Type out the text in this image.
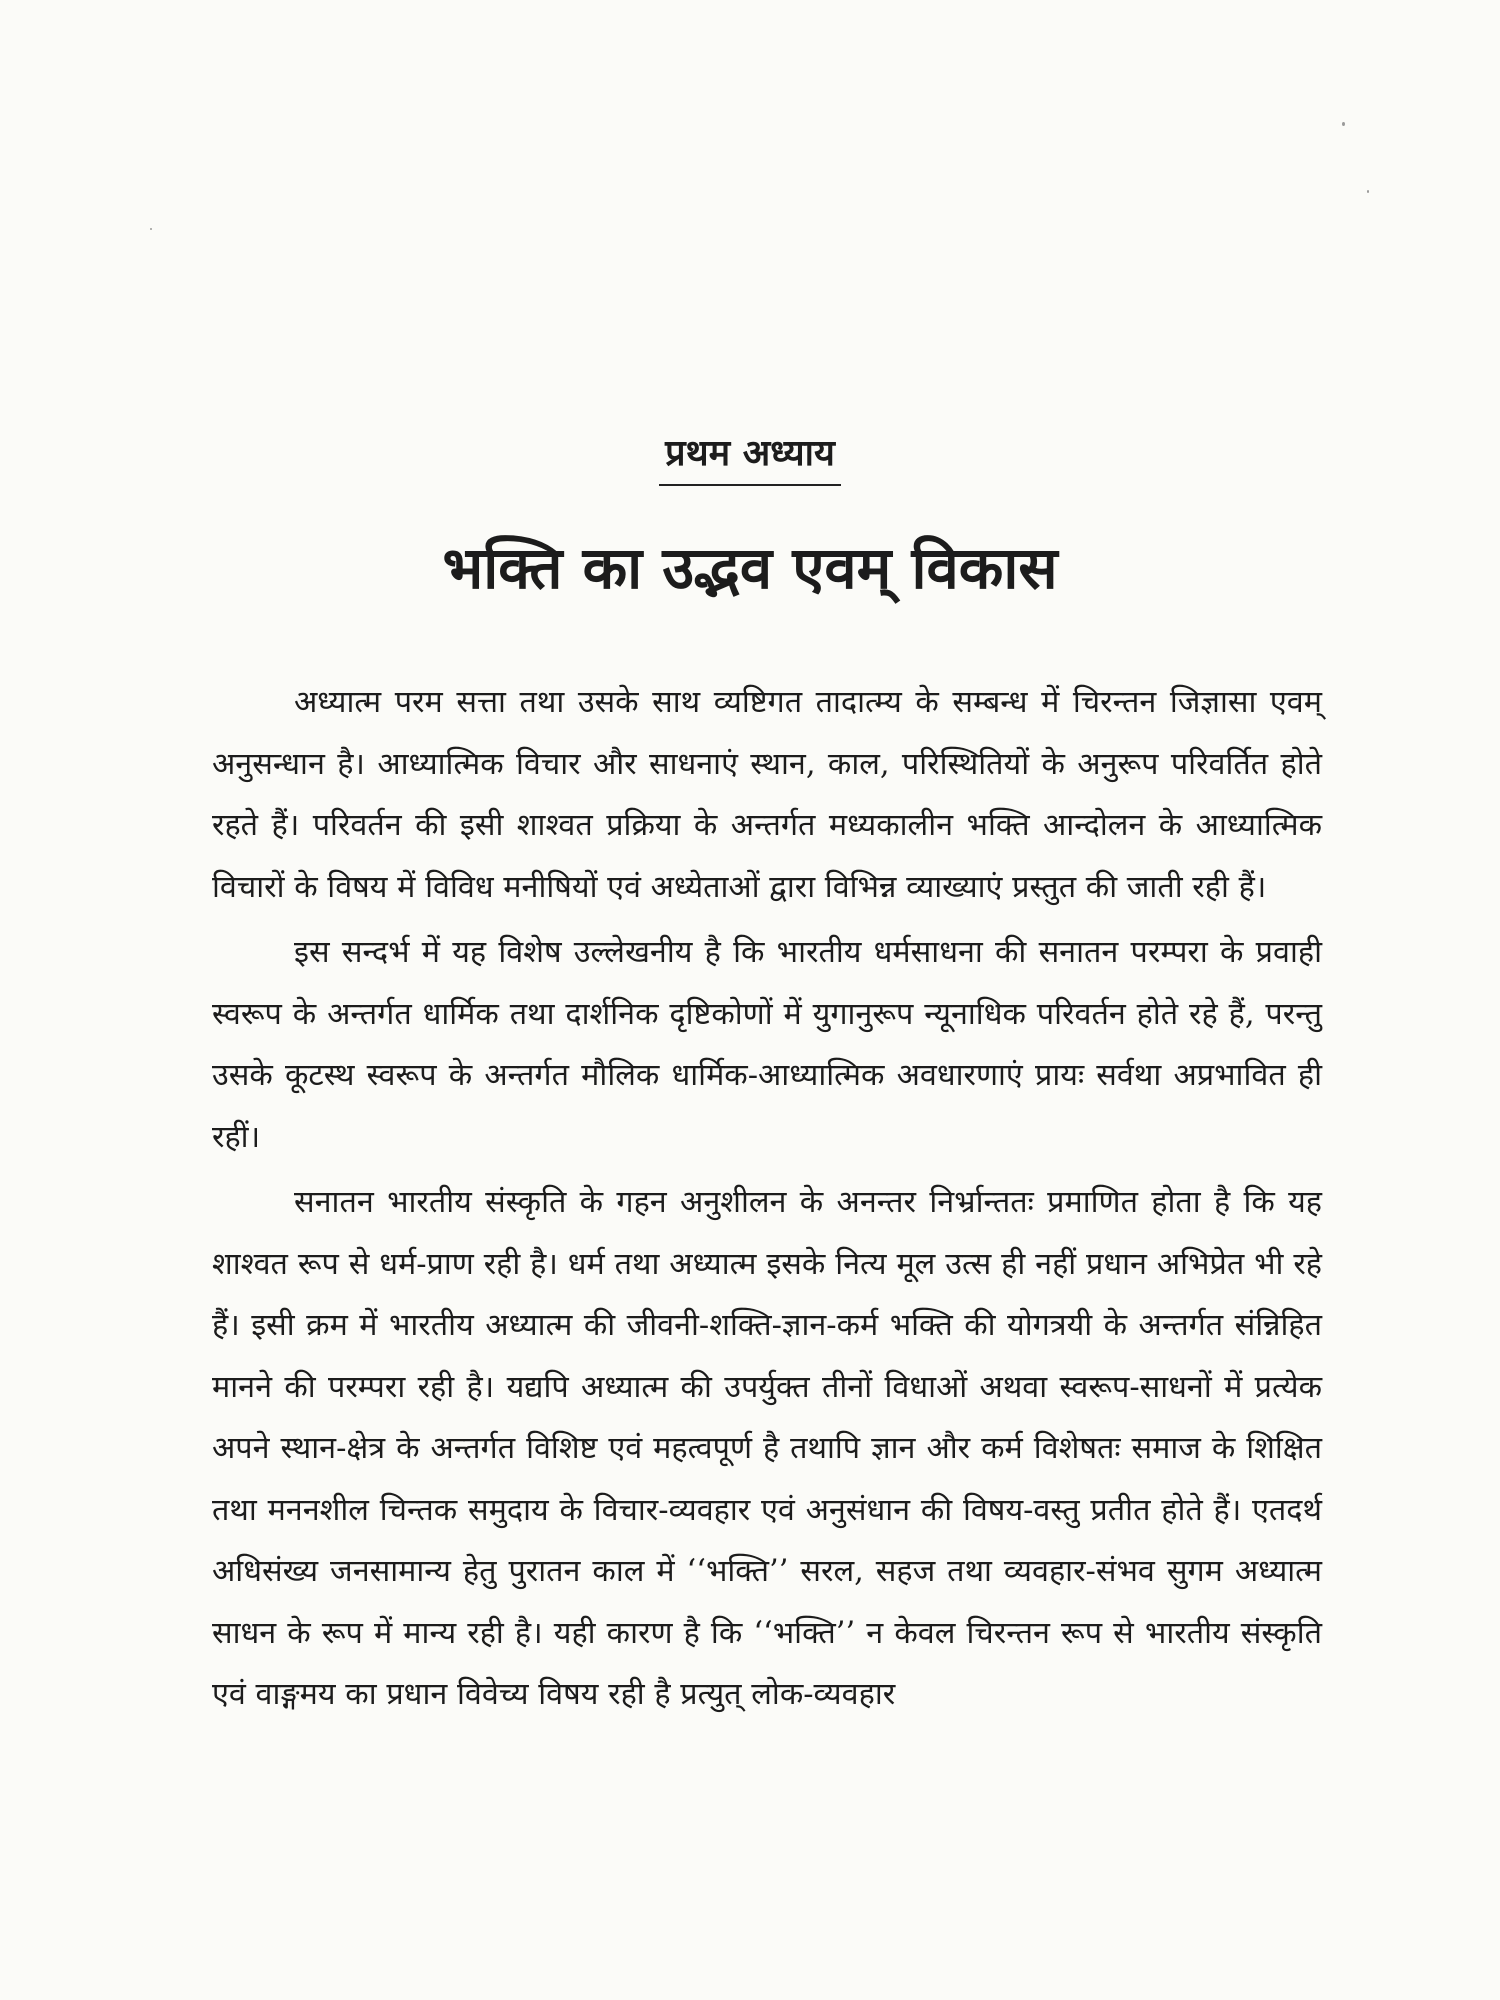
प्रथम अध्याय
भक्ति का उद्भव एवम् विकास

अध्यात्म परम सत्ता तथा उसके साथ व्यष्टिगत तादात्म्य के सम्बन्ध में चिरन्तन जिज्ञासा एवम् अनुसन्धान है। आध्यात्मिक विचार और साधनाएं स्थान, काल, परिस्थितियों के अनुरूप परिवर्तित होते रहते हैं। परिवर्तन की इसी शाश्वत प्रक्रिया के अन्तर्गत मध्यकालीन भक्ति आन्दोलन के आध्यात्मिक विचारों के विषय में विविध मनीषियों एवं अध्येताओं द्वारा विभिन्न व्याख्याएं प्रस्तुत की जाती रही हैं।

इस सन्दर्भ में यह विशेष उल्लेखनीय है कि भारतीय धर्मसाधना की सनातन परम्परा के प्रवाही स्वरूप के अन्तर्गत धार्मिक तथा दार्शनिक दृष्टिकोणों में युगानुरूप न्यूनाधिक परिवर्तन होते रहे हैं, परन्तु उसके कूटस्थ स्वरूप के अन्तर्गत मौलिक धार्मिक-आध्यात्मिक अवधारणाएं प्रायः सर्वथा अप्रभावित ही रहीं।

सनातन भारतीय संस्कृति के गहन अनुशीलन के अनन्तर निर्भ्रान्ततः प्रमाणित होता है कि यह शाश्वत रूप से धर्म-प्राण रही है। धर्म तथा अध्यात्म इसके नित्य मूल उत्स ही नहीं प्रधान अभिप्रेत भी रहे हैं। इसी क्रम में भारतीय अध्यात्म की जीवनी-शक्ति-ज्ञान-कर्म भक्ति की योगत्रयी के अन्तर्गत संन्निहित मानने की परम्परा रही है। यद्यपि अध्यात्म की उपर्युक्त तीनों विधाओं अथवा स्वरूप-साधनों में प्रत्येक अपने स्थान-क्षेत्र के अन्तर्गत विशिष्ट एवं महत्वपूर्ण है तथापि ज्ञान और कर्म विशेषतः समाज के शिक्षित तथा मननशील चिन्तक समुदाय के विचार-व्यवहार एवं अनुसंधान की विषय-वस्तु प्रतीत होते हैं। एतदर्थ अधिसंख्य जनसामान्य हेतु पुरातन काल में ‘‘भक्ति’’ सरल, सहज तथा व्यवहार-संभव सुगम अध्यात्म साधन के रूप में मान्य रही है। यही कारण है कि ‘‘भक्ति’’ न केवल चिरन्तन रूप से भारतीय संस्कृति एवं वाङ्गमय का प्रधान विवेच्य विषय रही है प्रत्युत् लोक-व्यवहार
